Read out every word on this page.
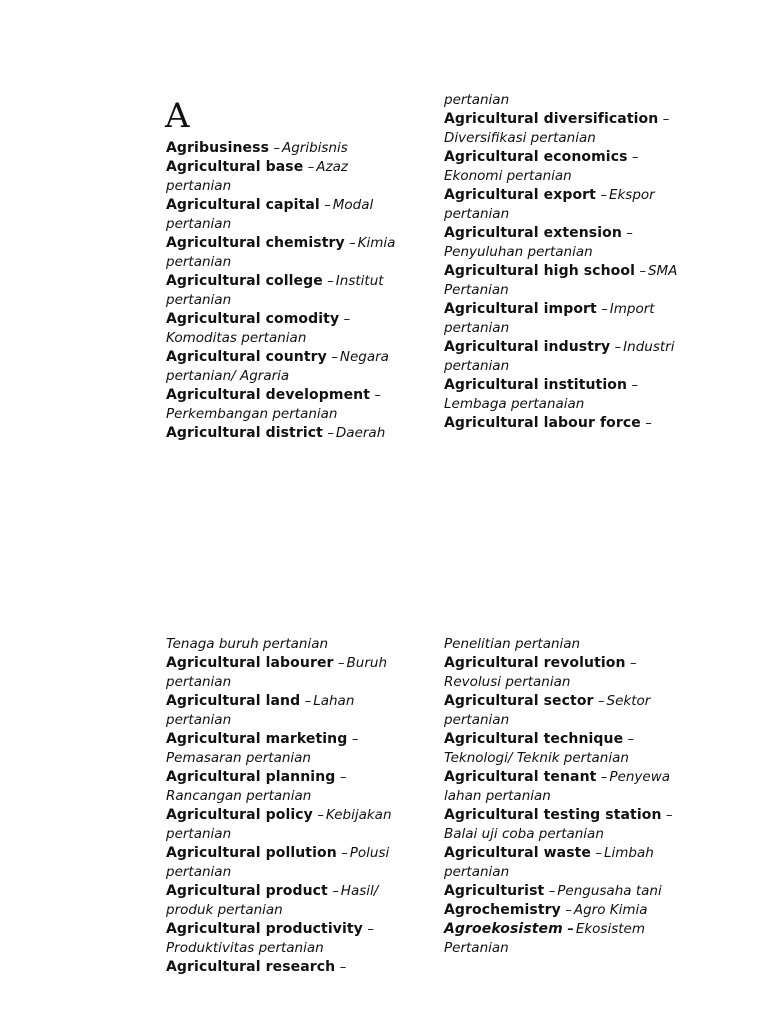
A
Agribusiness – Agribisnis
Agricultural base – Azaz pertanian
Agricultural capital – Modal pertanian
Agricultural chemistry – Kimia pertanian
Agricultural college – Institut pertanian
Agricultural comodity –Komoditas pertanian
Agricultural country – Negara pertanian/ Agraria
Agricultural development –Perkembangan pertanian
Agricultural district – Daerah
pertanian
Agricultural diversification –Diversifikasi pertanian
Agricultural economics –Ekonomi pertanian
Agricultural export – Ekspor pertanian
Agricultural extension –Penyuluhan pertanian
Agricultural high school – SMA Pertanian
Agricultural import – Import pertanian
Agricultural industry – Industri pertanian
Agricultural institution –Lembaga pertanaian
Agricultural labour force –
Tenaga buruh pertanian
Agricultural labourer – Buruh pertanian
Agricultural land – Lahan pertanian
Agricultural marketing –Pemasaran pertanian
Agricultural planning –Rancangan pertanian
Agricultural policy – Kebijakan pertanian
Agricultural pollution – Polusi pertanian
Agricultural product – Hasil/ produk pertanian
Agricultural productivity –Produktivitas pertanian
Agricultural research –
Penelitian pertanian
Agricultural revolution –Revolusi pertanian
Agricultural sector – Sektor pertanian
Agricultural technique –Teknologi/ Teknik pertanian
Agricultural tenant – Penyewa lahan pertanian
Agricultural testing station –Balai uji coba pertanian
Agricultural waste – Limbah pertanian
Agriculturist – Pengusaha tani
Agrochemistry – Agro Kimia
Agroekosistem – Ekosistem Pertanian
